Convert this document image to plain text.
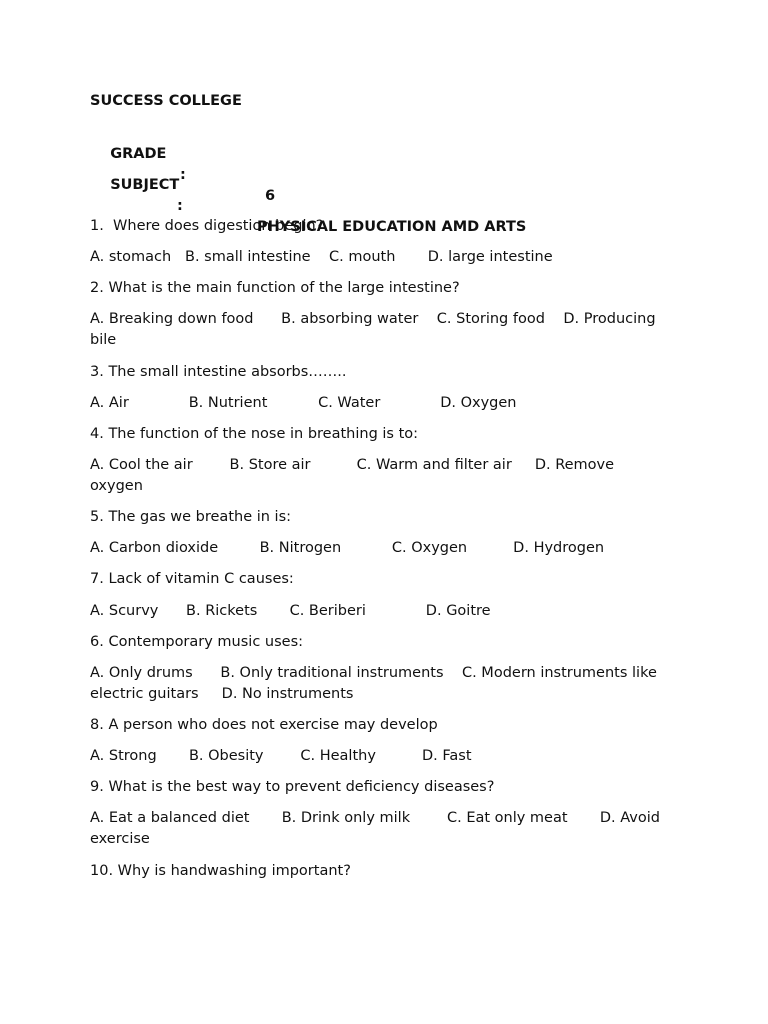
SUCCESS COLLEGE

GRADE

:

6

SUBJECT

:

PHYSICAL EDUCATION AMD ARTS

1.  Where does digestion begin?
A. stomach   B. small intestine    C. mouth       D. large intestine
2. What is the main function of the large intestine?
A. Breaking down food      B. absorbing water    C. Storing food    D. Producing bile
3. The small intestine absorbs……..
A. Air             B. Nutrient           C. Water             D. Oxygen
4. The function of the nose in breathing is to:
A. Cool the air        B. Store air          C. Warm and filter air     D. Remove oxygen
5. The gas we breathe in is:
A. Carbon dioxide         B. Nitrogen           C. Oxygen          D. Hydrogen
7. Lack of vitamin C causes:
A. Scurvy      B. Rickets       C. Beriberi             D. Goitre
6. Contemporary music uses:
A. Only drums      B. Only traditional instruments    C. Modern instruments like electric guitars     D. No instruments
8. A person who does not exercise may develop
A. Strong       B. Obesity        C. Healthy          D. Fast
9. What is the best way to prevent deficiency diseases?
A. Eat a balanced diet       B. Drink only milk        C. Eat only meat       D. Avoid exercise
10. Why is handwashing important?
